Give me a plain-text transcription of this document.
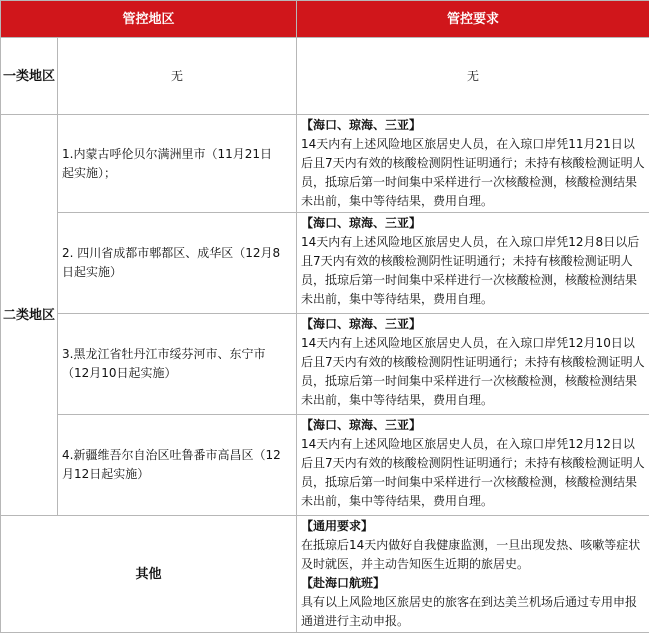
管控地区		管控要求
一类地区	无	无
二类地区	1.内蒙古呼伦贝尔满洲里市（11月21日起实施）；	【海口、琼海、三亚】
14天内有上述风险地区旅居史人员，在入琼口岸凭11月21日以后且7天内有效的核酸检测阴性证明通行；未持有核酸检测证明人员，抵琼后第一时间集中采样进行一次核酸检测，核酸检测结果未出前，集中等待结果，费用自理。

	2. 四川省成都市郫都区、成华区（12月8日起实施）	【海口、琼海、三亚】
14天内有上述风险地区旅居史人员，在入琼口岸凭12月8日以后且7天内有效的核酸检测阴性证明通行；未持有核酸检测证明人员，抵琼后第一时间集中采样进行一次核酸检测，核酸检测结果未出前，集中等待结果，费用自理。

	3.黑龙江省牡丹江市绥芬河市、东宁市（12月10日起实施）	【海口、琼海、三亚】
14天内有上述风险地区旅居史人员，在入琼口岸凭12月10日以后且7天内有效的核酸检测阴性证明通行；未持有核酸检测证明人员，抵琼后第一时间集中采样进行一次核酸检测，核酸检测结果未出前，集中等待结果，费用自理。

	4.新疆维吾尔自治区吐鲁番市高昌区（12月12日起实施）	【海口、琼海、三亚】
14天内有上述风险地区旅居史人员，在入琼口岸凭12月12日以后且7天内有效的核酸检测阴性证明通行；未持有核酸检测证明人员，抵琼后第一时间集中采样进行一次核酸检测，核酸检测结果未出前，集中等待结果，费用自理。

其他		【通用要求】
在抵琼后14天内做好自我健康监测，一旦出现发热、咳嗽等症状及时就医，并主动告知医生近期的旅居史。
【赴海口航班】
具有以上风险地区旅居史的旅客在到达美兰机场后通过专用申报通道进行主动申报。
